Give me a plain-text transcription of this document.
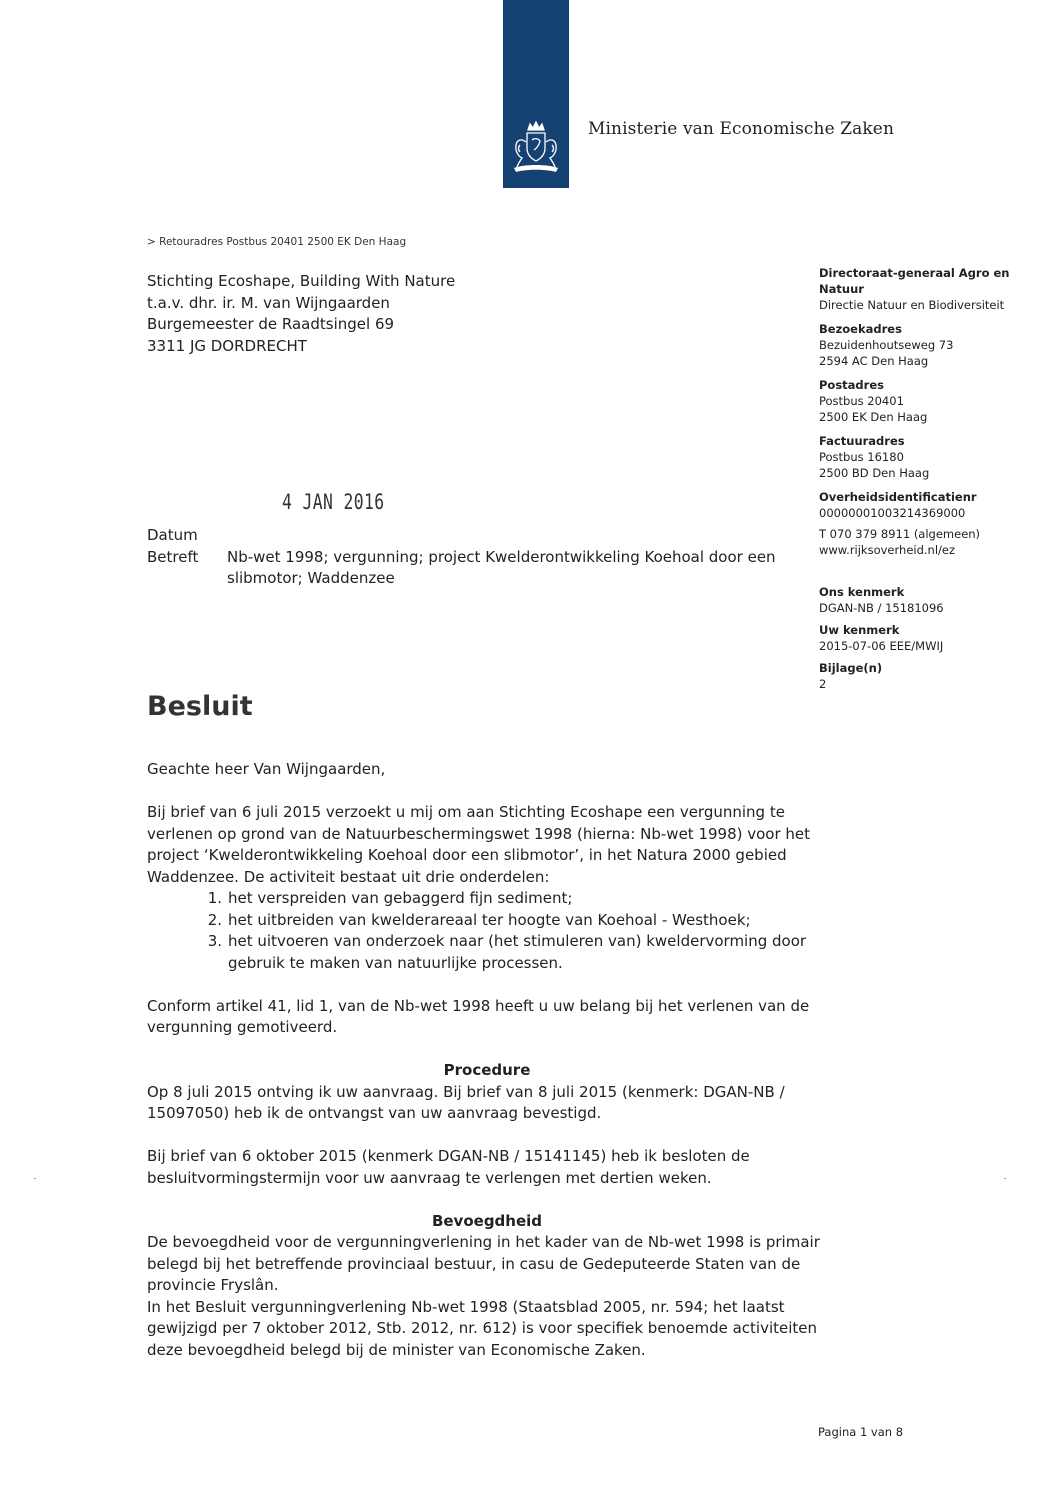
Ministerie van Economische Zaken
> Retouradres Postbus 20401 2500 EK Den Haag
Stichting Ecoshape, Building With Nature
t.a.v. dhr. ir. M. van Wijngaarden
Burgemeester de Raadtsingel 69
3311 JG DORDRECHT
Directoraat-generaal Agro en Natuur
Directie Natuur en Biodiversiteit
Bezoekadres
Bezuidenhoutseweg 73
2594 AC Den Haag
Postadres
Postbus 20401
2500 EK Den Haag
Factuuradres
Postbus 16180
2500 BD Den Haag
Overheidsidentificatienr
00000001003214369000
T 070 379 8911 (algemeen)
www.rijksoverheid.nl/ez
Ons kenmerk
DGAN-NB / 15181096
Uw kenmerk
2015-07-06 EEE/MWIJ
Bijlage(n)
2
4 JAN 2016
Datum
Betreft	Nb-wet 1998; vergunning; project Kwelderontwikkeling Koehoal door een slibmotor; Waddenzee
Besluit

Geachte heer Van Wijngaarden,

Bij brief van 6 juli 2015 verzoekt u mij om aan Stichting Ecoshape een vergunning te verlenen op grond van de Natuurbeschermingswet 1998 (hierna: Nb-wet 1998) voor het project ‘Kwelderontwikkeling Koehoal door een slibmotor’, in het Natura 2000 gebied Waddenzee. De activiteit bestaat uit drie onderdelen:

1. het verspreiden van gebaggerd fijn sediment;
2. het uitbreiden van kwelderareaal ter hoogte van Koehoal - Westhoek;
3. het uitvoeren van onderzoek naar (het stimuleren van) kweldervorming door gebruik te maken van natuurlijke processen.

Conform artikel 41, lid 1, van de Nb-wet 1998 heeft u uw belang bij het verlenen van de vergunning gemotiveerd.

Procedure

Op 8 juli 2015 ontving ik uw aanvraag. Bij brief van 8 juli 2015 (kenmerk: DGAN-NB / 15097050) heb ik de ontvangst van uw aanvraag bevestigd.

Bij brief van 6 oktober 2015 (kenmerk DGAN-NB / 15141145) heb ik besloten de besluitvormingstermijn voor uw aanvraag te verlengen met dertien weken.

Bevoegdheid

De bevoegdheid voor de vergunningverlening in het kader van de Nb-wet 1998 is primair belegd bij het betreffende provinciaal bestuur, in casu de Gedeputeerde Staten van de provincie Fryslân.

In het Besluit vergunningverlening Nb-wet 1998 (Staatsblad 2005, nr. 594; het laatst gewijzigd per 7 oktober 2012, Stb. 2012, nr. 612) is voor specifiek benoemde activiteiten deze bevoegdheid belegd bij de minister van Economische Zaken.

Pagina 1 van 8
